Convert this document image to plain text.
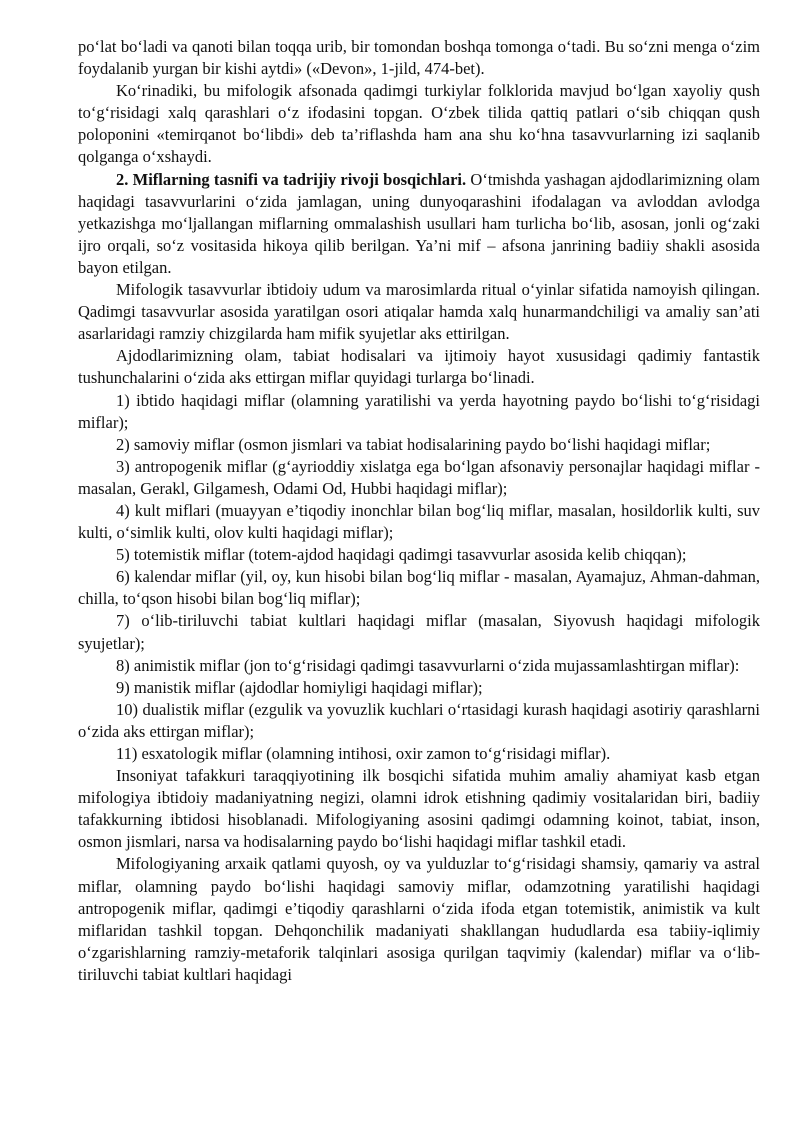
po‘lat bo‘ladi va qanoti bilan toqqa urib, bir tomondan boshqa tomonga o‘tadi. Bu so‘zni menga o‘zim foydalanib yurgan bir kishi aytdi» («Devon», 1-jild, 474-bet).

Ko‘rinadiki, bu mifologik afsonada qadimgi turkiylar folklorida mavjud bo‘lgan xayoliy qush to‘g‘risidagi xalq qarashlari o‘z ifodasini topgan. O‘zbek tilida qattiq patlari o‘sib chiqqan qush poloponini «temirqanot bo‘libdi» deb ta’riflashda ham ana shu ko‘hna tasavvurlarning izi saqlanib qolganga o‘xshaydi.

2. Miflarning tasnifi va tadrijiy rivoji bosqichlari. O‘tmishda yashagan ajdodlarimizning olam haqidagi tasavvurlarini o‘zida jamlagan, uning dunyoqarashini ifodalagan va avloddan avlodga yetkazishga mo‘ljallangan miflarning ommalashish usullari ham turlicha bo‘lib, asosan, jonli og‘zaki ijro orqali, so‘z vositasida hikoya qilib berilgan. Ya’ni mif – afsona janrining badiiy shakli asosida bayon etilgan.

Mifologik tasavvurlar ibtidoiy udum va marosimlarda ritual o‘yinlar sifatida namoyish qilingan. Qadimgi tasavvurlar asosida yaratilgan osori atiqalar hamda xalq hunarmandchiligi va amaliy san’ati asarlaridagi ramziy chizgilarda ham mifik syujetlar aks ettirilgan.

Ajdodlarimizning olam, tabiat hodisalari va ijtimoiy hayot xususidagi qadimiy fantastik tushunchalarini o‘zida aks ettirgan miflar quyidagi turlarga bo‘linadi.

1) ibtido haqidagi miflar (olamning yaratilishi va yerda hayotning paydo bo‘lishi to‘g‘risidagi miflar);

2) samoviy miflar (osmon jismlari va tabiat hodisalarining paydo bo‘lishi haqidagi miflar;

3) antropogenik miflar (g‘ayrioddiy xislatga ega bo‘lgan afsonaviy personajlar haqidagi miflar - masalan, Gerakl, Gilgamesh, Odami Od, Hubbi haqidagi miflar);

4) kult miflari (muayyan e’tiqodiy inonchlar bilan bog‘liq miflar, masalan, hosildorlik kulti, suv kulti, o‘simlik kulti, olov kulti haqidagi miflar);

5) totemistik miflar (totem-ajdod haqidagi qadimgi tasavvurlar asosida kelib chiqqan);

6) kalendar miflar (yil, oy, kun hisobi bilan bog‘liq miflar - masalan, Ayamajuz, Ahman-dahman, chilla, to‘qson hisobi bilan bog‘liq miflar);

7) o‘lib-tiriluvchi tabiat kultlari haqidagi miflar (masalan, Siyovush haqidagi mifologik syujetlar);

8) animistik miflar (jon to‘g‘risidagi qadimgi tasavvurlarni o‘zida mujassamlashtirgan miflar):

9) manistik miflar (ajdodlar homiyligi haqidagi miflar);

10) dualistik miflar (ezgulik va yovuzlik kuchlari o‘rtasidagi kurash haqidagi asotiriy qarashlarni o‘zida aks ettirgan miflar);

11) esxatologik miflar (olamning intihosi, oxir zamon to‘g‘risidagi miflar).

Insoniyat tafakkuri taraqqiyotining ilk bosqichi sifatida muhim amaliy ahamiyat kasb etgan mifologiya ibtidoiy madaniyatning negizi, olamni idrok etishning qadimiy vositalaridan biri, badiiy tafakkurning ibtidosi hisoblanadi. Mifologiyaning asosini qadimgi odamning koinot, tabiat, inson, osmon jismlari, narsa va hodisalarning paydo bo‘lishi haqidagi miflar tashkil etadi.

Mifologiyaning arxaik qatlami quyosh, oy va yulduzlar to‘g‘risidagi shamsiy, qamariy va astral miflar, olamning paydo bo‘lishi haqidagi samoviy miflar, odamzotning yaratilishi haqidagi antropogenik miflar, qadimgi e’tiqodiy qarashlarni o‘zida ifoda etgan totemistik, animistik va kult miflaridan tashkil topgan. Dehqonchilik madaniyati shakllangan hududlarda esa tabiiy-iqlimiy o‘zgarishlarning ramziy-metaforik talqinlari asosiga qurilgan taqvimiy (kalendar) miflar va o‘lib-tiriluvchi tabiat kultlari haqidagi
